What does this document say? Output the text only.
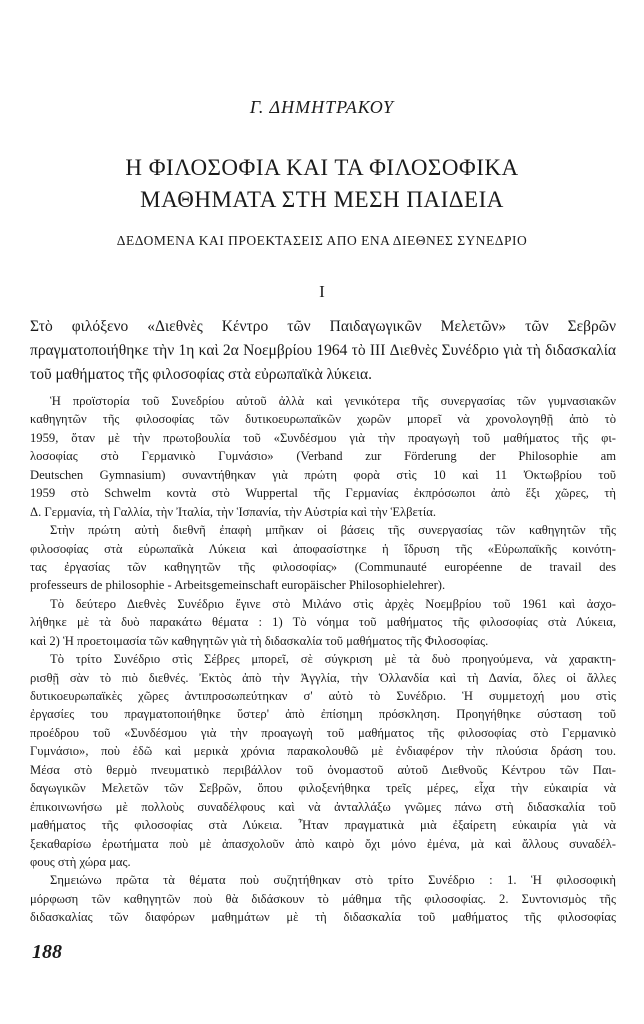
Γ. ΔΗΜΗΤΡΑΚΟΥ
Η ΦΙΛΟΣΟΦΙΑ ΚΑΙ ΤΑ ΦΙΛΟΣΟΦΙΚΑ
ΜΑΘΗΜΑΤΑ ΣΤΗ ΜΕΣΗ ΠΑΙΔΕΙΑ
ΔΕΔΟΜΕΝΑ ΚΑΙ ΠΡΟΕΚΤΑΣΕΙΣ ΑΠΟ ΕΝΑ ΔΙΕΘΝΕΣ ΣΥΝΕΔΡΙΟ
I

Στὸ φιλόξενο «Διεθνὲς Κέντρο τῶν Παιδαγωγικῶν Μελετῶν» τῶν Σεβρῶν πραγματοποιήθηκε τὴν 1η καὶ 2α Νοεμβρίου 1964 τὸ III Διεθνὲς Συνέδριο γιὰ τὴ διδασκαλία τοῦ μαθήματος τῆς φιλοσοφίας στὰ εὐρωπαϊκὰ λύκεια.

Ἡ προϊστορία τοῦ Συνεδρίου αὐτοῦ ἀλλὰ καὶ γενικότερα τῆς συνεργασίας τῶν γυμνασιακῶν
καθηγητῶν τῆς φιλοσοφίας τῶν δυτικοευρωπαϊκῶν χωρῶν μπορεῖ νὰ χρονολογηθῇ ἀπὸ τὸ
1959, ὅταν μὲ τὴν πρωτοβουλία τοῦ «Συνδέσμου γιὰ τὴν προαγωγὴ τοῦ μαθήματος τῆς φι-
λοσοφίας στὸ Γερμανικὸ Γυμνάσιο» (Verband zur Förderung der Philosophie am
Deutschen Gymnasium) συναντήθηκαν γιὰ πρώτη φορὰ στὶς 10 καὶ 11 Ὀκτωβρίου τοῦ
1959 στὸ Schwelm κοντὰ στὸ Wuppertal τῆς Γερμανίας ἐκπρόσωποι ἀπὸ ἕξι χῶρες, τὴ
Δ. Γερμανία, τὴ Γαλλία, τὴν Ἰταλία, τὴν Ἱσπανία, τὴν Αὐστρία καὶ τὴν Ἑλβετία.

Στὴν πρώτη αὐτὴ διεθνῆ ἐπαφὴ μπῆκαν οἱ βάσεις τῆς συνεργασίας τῶν καθηγητῶν τῆς
φιλοσοφίας στὰ εὐρωπαϊκὰ Λύκεια καὶ ἀποφασίστηκε ἡ ἵδρυση τῆς «Εὐρωπαϊκῆς κοινότη-
τας ἐργασίας τῶν καθηγητῶν τῆς φιλοσοφίας» (Communauté européenne de travail des
professeurs de philosophie - Arbeitsgemeinschaft europäischer Philosophielehrer).

Τὸ δεύτερο Διεθνὲς Συνέδριο ἔγινε στὸ Μιλάνο στὶς ἀρχὲς Νοεμβρίου τοῦ 1961 καὶ ἀσχο-
λήθηκε μὲ τὰ δυὸ παρακάτω θέματα : 1) Τὸ νόημα τοῦ μαθήματος τῆς φιλοσοφίας στὰ Λύκεια,
καὶ 2) Ἡ προετοιμασία τῶν καθηγητῶν γιὰ τὴ διδασκαλία τοῦ μαθήματος τῆς Φιλοσοφίας.

Τὸ τρίτο Συνέδριο στὶς Σέβρες μπορεῖ, σὲ σύγκριση μὲ τὰ δυὸ προηγούμενα, νὰ χαρακτη-
ρισθῇ σὰν τὸ πιὸ διεθνές. Ἐκτὸς ἀπὸ τὴν Ἀγγλία, τὴν Ὁλλανδία καὶ τὴ Δανία, ὅλες οἱ ἄλλες
δυτικοευρωπαϊκὲς χῶρες ἀντιπροσωπεύτηκαν σ' αὐτὸ τὸ Συνέδριο. Ἡ συμμετοχή μου στὶς
ἐργασίες του πραγματοποιήθηκε ὕστερ' ἀπὸ ἐπίσημη πρόσκληση. Προηγήθηκε σύσταση τοῦ
προέδρου τοῦ «Συνδέσμου γιὰ τὴν προαγωγὴ τοῦ μαθήματος τῆς φιλοσοφίας στὸ Γερμανικὸ
Γυμνάσιο», ποὺ ἐδῶ καὶ μερικὰ χρόνια παρακολουθῶ μὲ ἐνδιαφέρον τὴν πλούσια δράση του.
Μέσα στὸ θερμὸ πνευματικὸ περιβάλλον τοῦ ὀνομαστοῦ αὐτοῦ Διεθνοῦς Κέντρου τῶν Παι-
δαγωγικῶν Μελετῶν τῶν Σεβρῶν, ὅπου φιλοξενήθηκα τρεῖς μέρες, εἶχα τὴν εὐκαιρία νὰ
ἐπικοινωνήσω μὲ πολλοὺς συναδέλφους καὶ νὰ ἀνταλλάξω γνῶμες πάνω στὴ διδασκαλία τοῦ
μαθήματος τῆς φιλοσοφίας στὰ Λύκεια. Ἦταν πραγματικὰ μιὰ ἐξαίρετη εὐκαιρία γιὰ νὰ
ξεκαθαρίσω ἐρωτήματα ποὺ μὲ ἀπασχολοῦν ἀπὸ καιρὸ ὄχι μόνο ἐμένα, μὰ καὶ ἄλλους συναδέλ-
φους στὴ χώρα μας.

Σημειώνω πρῶτα τὰ θέματα ποὺ συζητήθηκαν στὸ τρίτο Συνέδριο : 1. Ἡ φιλοσοφικὴ
μόρφωση τῶν καθηγητῶν ποὺ θὰ διδάσκουν τὸ μάθημα τῆς φιλοσοφίας. 2. Συντονισμὸς τῆς
διδασκαλίας τῶν διαφόρων μαθημάτων μὲ τὴ διδασκαλία τοῦ μαθήματος τῆς φιλοσοφίας

188
